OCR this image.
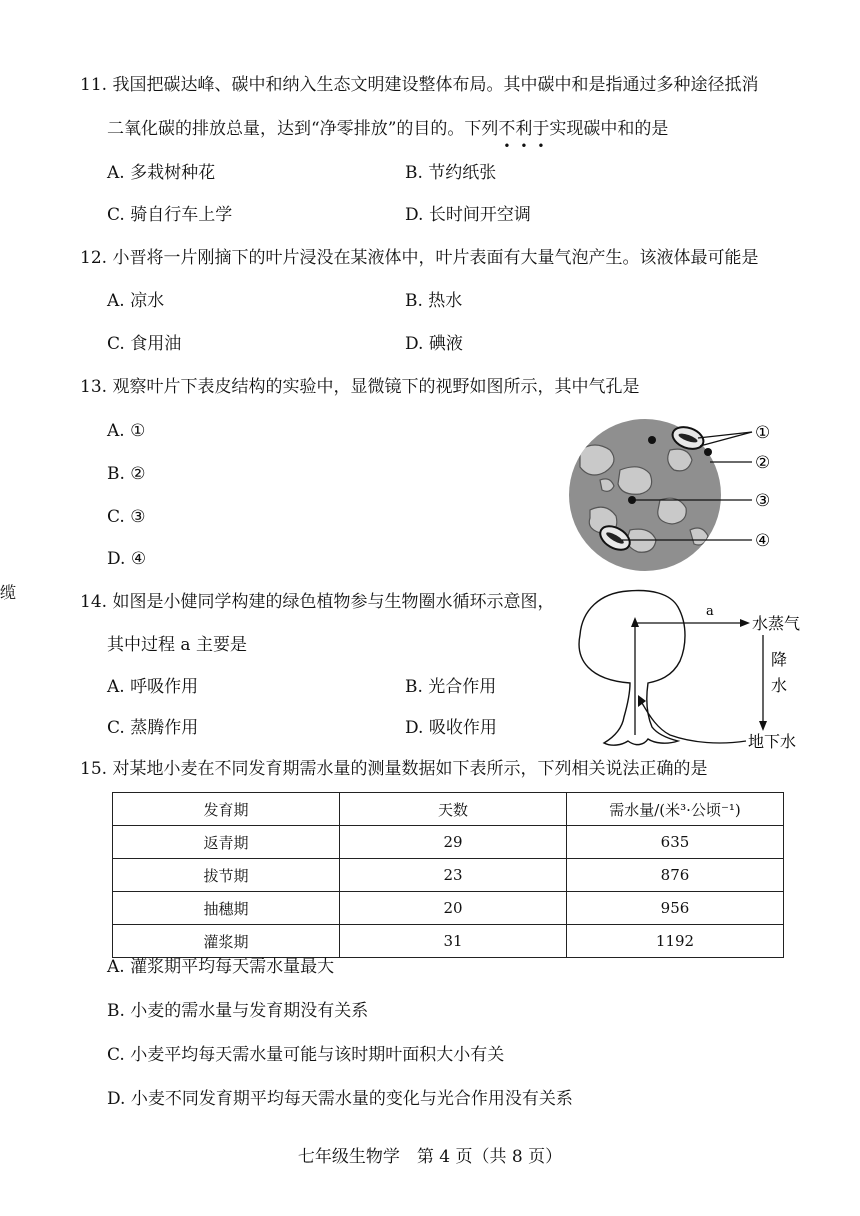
缆
11. 我国把碳达峰、碳中和纳入生态文明建设整体布局。其中碳中和是指通过多种途径抵消
二氧化碳的排放总量，达到“净零排放”的目的。下列不利于实现碳中和的是
A. 多栽树种花	B. 节约纸张
C. 骑自行车上学	D. 长时间开空调
12. 小晋将一片刚摘下的叶片浸没在某液体中，叶片表面有大量气泡产生。该液体最可能是
A. 凉水	B. 热水
C. 食用油	D. 碘液
13. 观察叶片下表皮结构的实验中，显微镜下的视野如图所示，其中气孔是
A. ①
B. ②
C. ③
D. ④
①
②
③
④
14. 如图是小健同学构建的绿色植物参与生物圈水循环示意图，
其中过程 a 主要是
A. 呼吸作用	B. 光合作用
C. 蒸腾作用	D. 吸收作用
a
水蒸气
降
水
地下水
15. 对某地小麦在不同发育期需水量的测量数据如下表所示，下列相关说法正确的是
发育期	天数	需水量/(米³·公顷⁻¹)
返青期	29	635
拔节期	23	876
抽穗期	20	956
灌浆期	31	1192
A. 灌浆期平均每天需水量最大
B. 小麦的需水量与发育期没有关系
C. 小麦平均每天需水量可能与该时期叶面积大小有关
D. 小麦不同发育期平均每天需水量的变化与光合作用没有关系
七年级生物学　第 4 页（共 8 页）
